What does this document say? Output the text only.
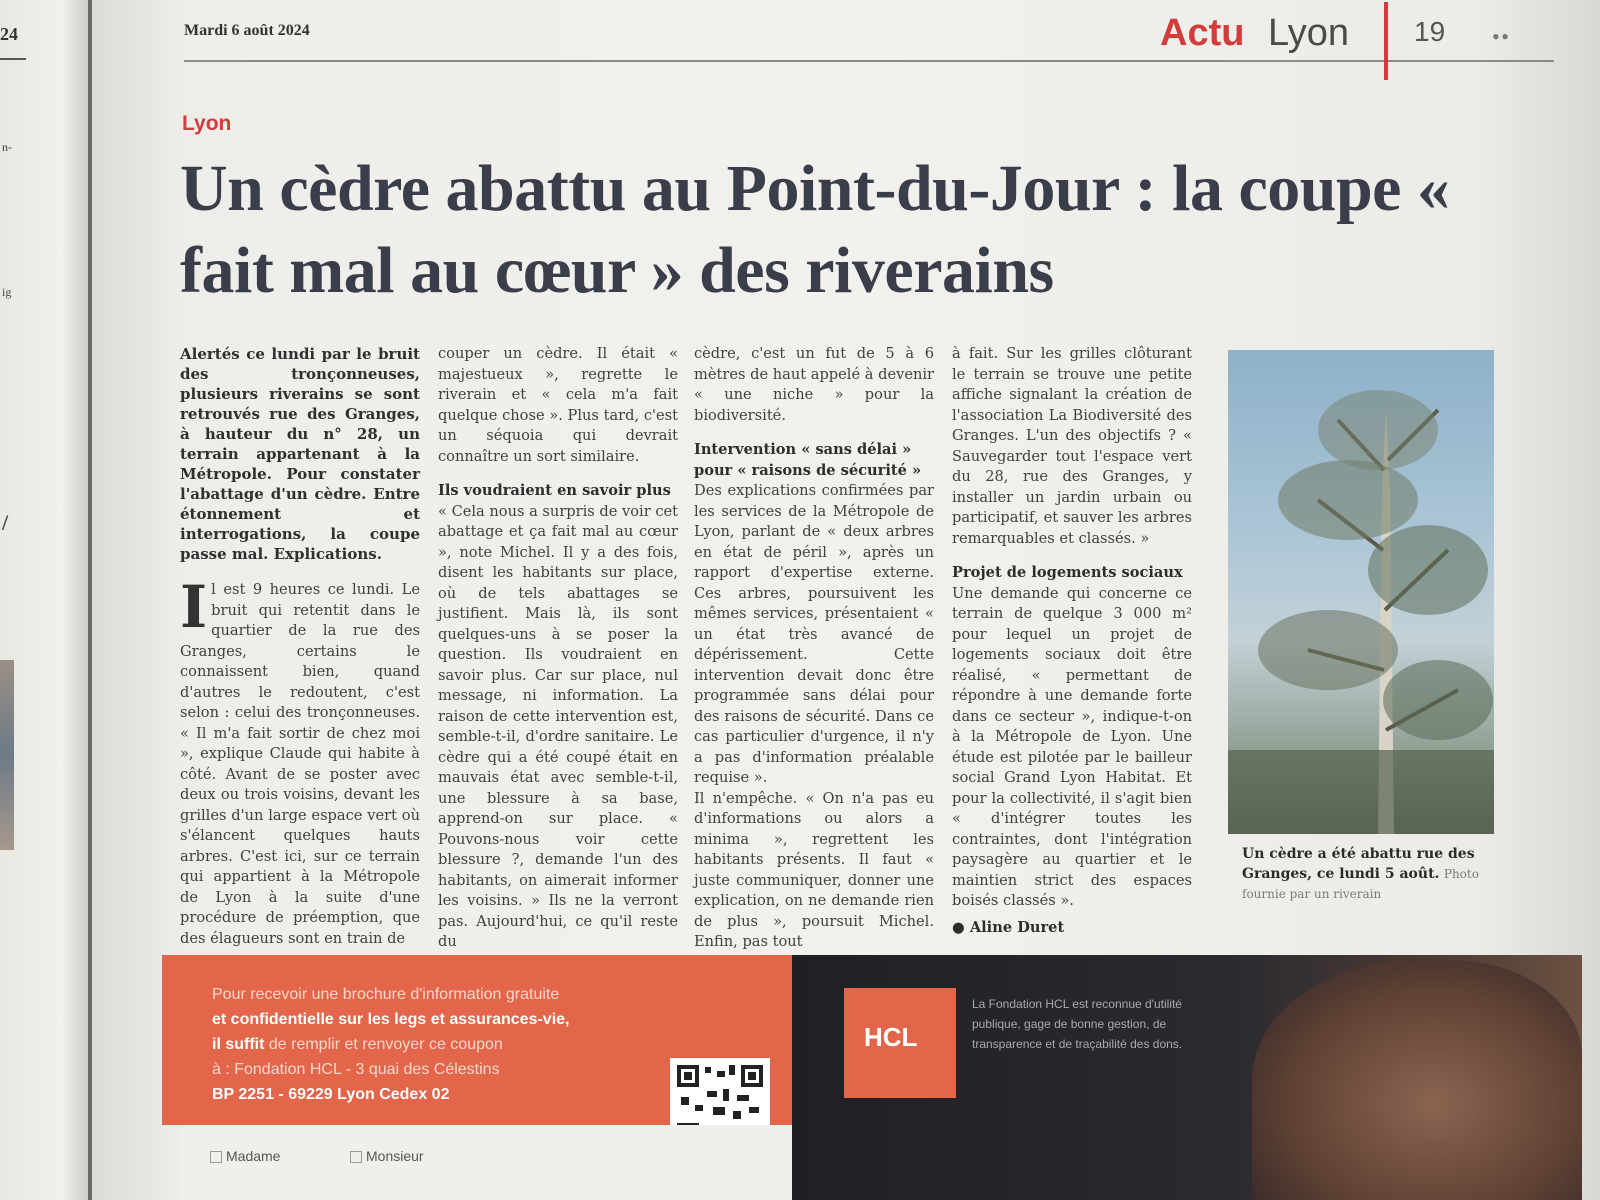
24
n-
ig
/
Mardi 6 août 2024	Actu Lyon 19 • •
Lyon
Un cèdre abattu au Point-du-Jour : la coupe « fait mal au cœur » des riverains

Alertés ce lundi par le bruit des tronçonneuses, plusieurs riverains se sont retrouvés rue des Granges, à hauteur du n° 28, un terrain appartenant à la Métropole. Pour constater l'abattage d'un cèdre. Entre étonnement et interrogations, la coupe passe mal. Explications.

Il est 9 heures ce lundi. Le bruit qui retentit dans le quartier de la rue des Granges, certains le connaissent bien, quand d'autres le redoutent, c'est selon : celui des tronçonneuses. « Il m'a fait sortir de chez moi », explique Claude qui habite à côté. Avant de se poster avec deux ou trois voisins, devant les grilles d'un large espace vert où s'élancent quelques hauts arbres. C'est ici, sur ce terrain qui appartient à la Métropole de Lyon à la suite d'une procédure de préemption, que des élagueurs sont en train de

couper un cèdre. Il était « majestueux », regrette le riverain et « cela m'a fait quelque chose ». Plus tard, c'est un séquoia qui devrait connaître un sort similaire.

Ils voudraient en savoir plus

« Cela nous a surpris de voir cet abattage et ça fait mal au cœur », note Michel. Il y a des fois, disent les habitants sur place, où de tels abattages se justifient. Mais là, ils sont quelques-uns à se poser la question. Ils voudraient en savoir plus. Car sur place, nul message, ni information. La raison de cette intervention est, semble-t-il, d'ordre sanitaire. Le cèdre qui a été coupé était en mauvais état avec semble-t-il, une blessure à sa base, apprend-on sur place. « Pouvons-nous voir cette blessure ?, demande l'un des habitants, on aimerait informer les voisins. » Ils ne la verront pas. Aujourd'hui, ce qu'il reste du

cèdre, c'est un fut de 5 à 6 mètres de haut appelé à devenir « une niche » pour la biodiversité.

Intervention « sans délai » pour « raisons de sécurité »

Des explications confirmées par les services de la Métropole de Lyon, parlant de « deux arbres en état de péril », après un rapport d'expertise externe. Ces arbres, poursuivent les mêmes services, présentaient « un état très avancé de dépérissement. Cette intervention devait donc être programmée sans délai pour des raisons de sécurité. Dans ce cas particulier d'urgence, il n'y a pas d'information préalable requise ».

Il n'empêche. « On n'a pas eu d'informations ou alors a minima », regrettent les habitants présents. Il faut « juste communiquer, donner une explication, on ne demande rien de plus », poursuit Michel. Enfin, pas tout

à fait. Sur les grilles clôturant le terrain se trouve une petite affiche signalant la création de l'association La Biodiversité des Granges. L'un des objectifs ? « Sauvegarder tout l'espace vert du 28, rue des Granges, y installer un jardin urbain ou participatif, et sauver les arbres remarquables et classés. »

Projet de logements sociaux

Une demande qui concerne ce terrain de quelque 3 000 m² pour lequel un projet de logements sociaux doit être réalisé, « permettant de répondre à une demande forte dans ce secteur », indique-t-on à la Métropole de Lyon. Une étude est pilotée par le bailleur social Grand Lyon Habitat. Et pour la collectivité, il s'agit bien « d'intégrer toutes les contraintes, dont l'intégration paysagère au quartier et le maintien strict des espaces boisés classés ».

● Aline Duret

Un cèdre a été abattu rue des Granges, ce lundi 5 août. Photo fournie par un riverain
Pour recevoir une brochure d'information gratuite
et confidentielle sur les legs et assurances-vie,
il suffit de remplir et renvoyer ce coupon
à : Fondation HCL - 3 quai des Célestins
BP 2251 - 69229 Lyon Cedex 02
Madame	Monsieur
HCL
La Fondation HCL est reconnue d'utilité publique, gage de bonne gestion, de transparence et de traçabilité des dons.
